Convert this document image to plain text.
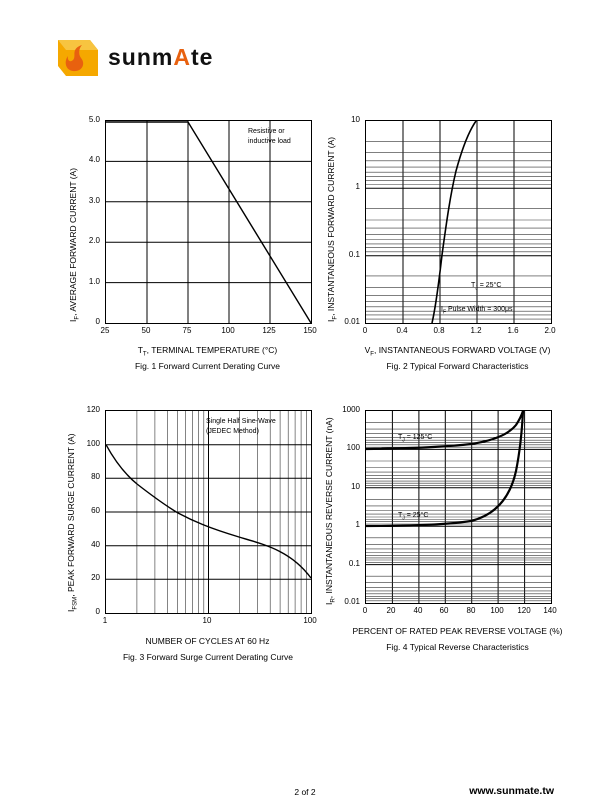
sunmAte
Resistive or
inductive load
5.0
4.0
3.0
2.0
1.0
0
25	50	75	100	125	150
$I_F$, AVERAGE FORWARD CURRENT (A)
$T_T$, TERMINAL TEMPERATURE (°C)
Fig. 1 Forward Current Derating Curve
$T_J = 25^\circ C$
$I_F$ Pulse Width = 300μs
10
1
0.1
0.01
0	0.4	0.8	1.2	1.6	2.0
$I_F$, INSTANTANEOUS FORWARD CURRENT (A)
$V_F$, INSTANTANEOUS FORWARD VOLTAGE (V)
Fig. 2 Typical Forward Characteristics
Single Half Sine-Wave
(JEDEC Method)
120
100
80
60
40
20
0
1	10	100
$I_{FSM}$, PEAK FORWARD SURGE CURRENT (A)
NUMBER OF CYCLES AT 60 Hz
Fig. 3 Forward Surge Current Derating Curve
$T_J = 125^\circ C$
$T_J = 25^\circ C$
1000
100
10
1
0.1
0.01
0	20	40	60	80	100	120	140
$I_R$, INSTANTANEOUS REVERSE CURRENT (nA)
PERCENT OF RATED PEAK REVERSE VOLTAGE (%)
Fig. 4 Typical Reverse Characteristics
2 of 2	www.sunmate.tw
